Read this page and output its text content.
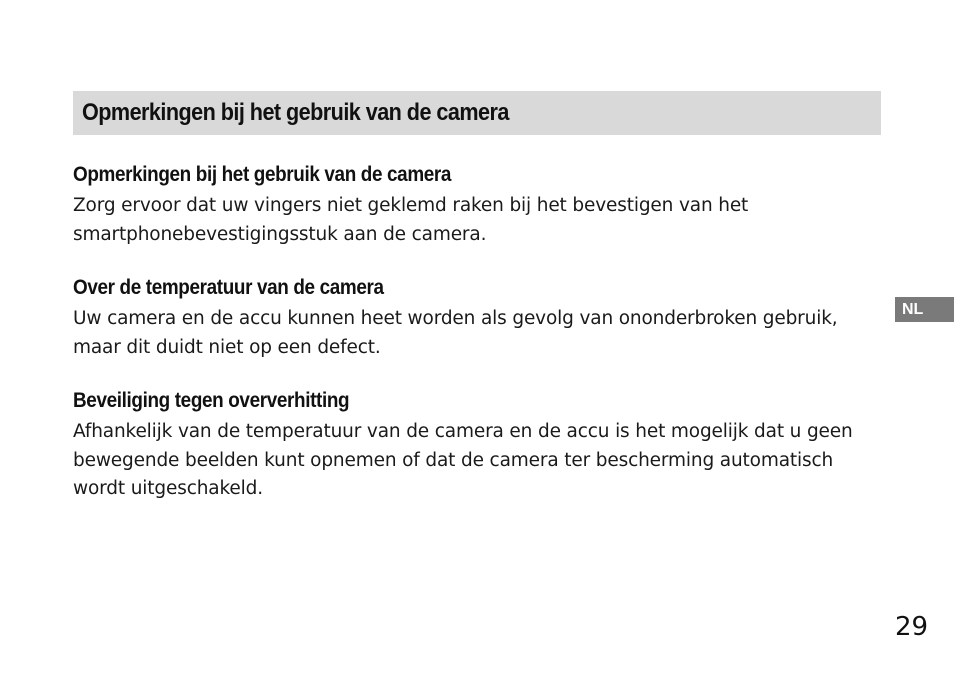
Opmerkingen bij het gebruik van de camera
Opmerkingen bij het gebruik van de camera

Zorg ervoor dat uw vingers niet geklemd raken bij het bevestigen van het smartphonebevestigingsstuk aan de camera.

Over de temperatuur van de camera

Uw camera en de accu kunnen heet worden als gevolg van ononderbroken gebruik, maar dit duidt niet op een defect.

Beveiliging tegen oververhitting

Afhankelijk van de temperatuur van de camera en de accu is het mogelijk dat u geen bewegende beelden kunt opnemen of dat de camera ter bescherming automatisch wordt uitgeschakeld.

NL
29
